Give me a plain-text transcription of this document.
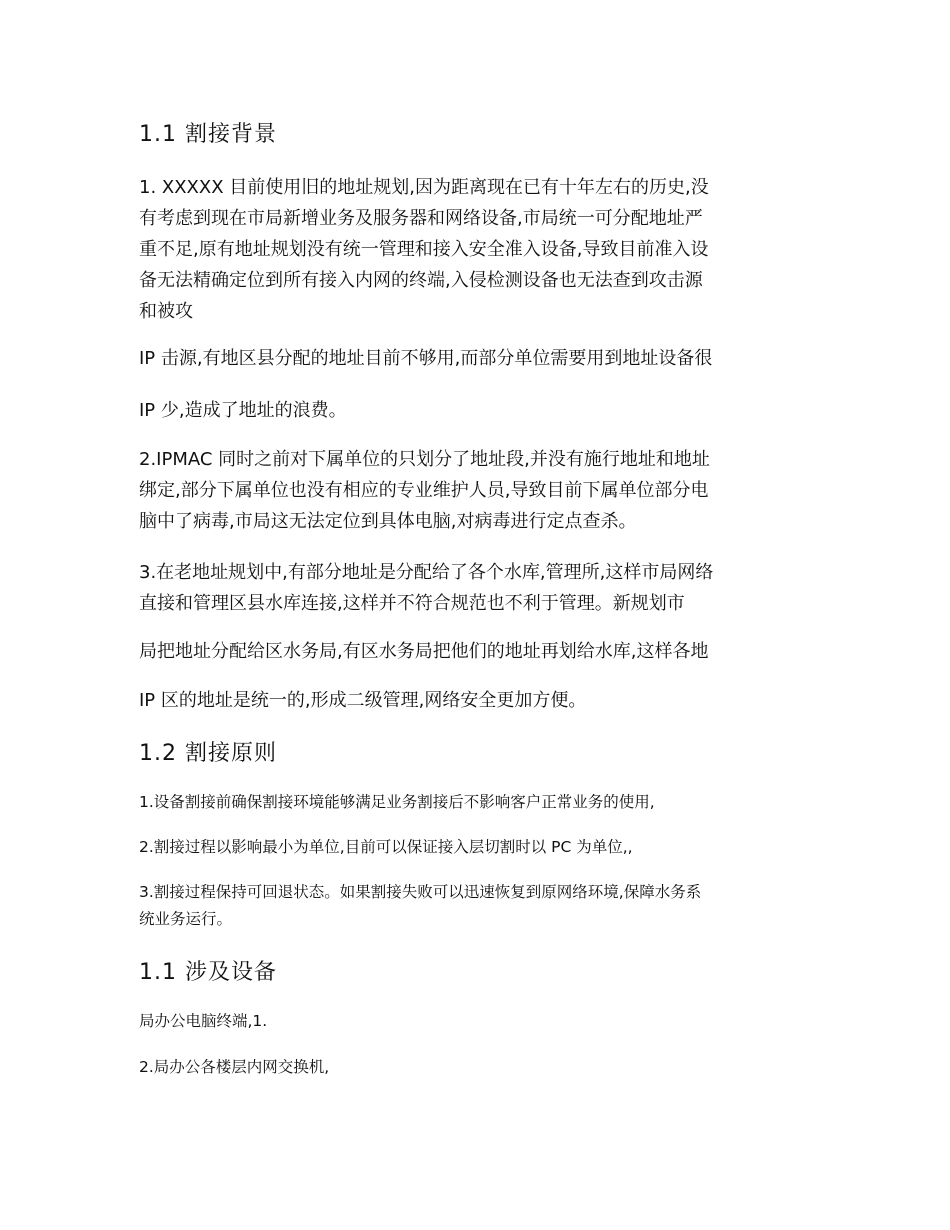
1.1 割接背景

1. XXXXX 目前使用旧的地址规划,因为距离现在已有十年左右的历史,没
有考虑到现在市局新增业务及服务器和网络设备,市局统一可分配地址严
重不足,原有地址规划没有统一管理和接入安全准入设备,导致目前准入设
备无法精确定位到所有接入内网的终端,入侵检测设备也无法查到攻击源
和被攻

IP 击源,有地区县分配的地址目前不够用,而部分单位需要用到地址设备很

IP 少,造成了地址的浪费。

2.IPMAC 同时之前对下属单位的只划分了地址段,并没有施行地址和地址
绑定,部分下属单位也没有相应的专业维护人员,导致目前下属单位部分电
脑中了病毒,市局这无法定位到具体电脑,对病毒进行定点查杀。

3.在老地址规划中,有部分地址是分配给了各个水库,管理所,这样市局网络
直接和管理区县水库连接,这样并不符合规范也不利于管理。新规划市

局把地址分配给区水务局,有区水务局把他们的地址再划给水库,这样各地

IP 区的地址是统一的,形成二级管理,网络安全更加方便。

1.2 割接原则

1.设备割接前确保割接环境能够满足业务割接后不影响客户正常业务的使用,

2.割接过程以影响最小为单位,目前可以保证接入层切割时以 PC 为单位,,

3.割接过程保持可回退状态。如果割接失败可以迅速恢复到原网络环境,保障水务系
统业务运行。

1.1 涉及设备

局办公电脑终端,1.

2.局办公各楼层内网交换机,
